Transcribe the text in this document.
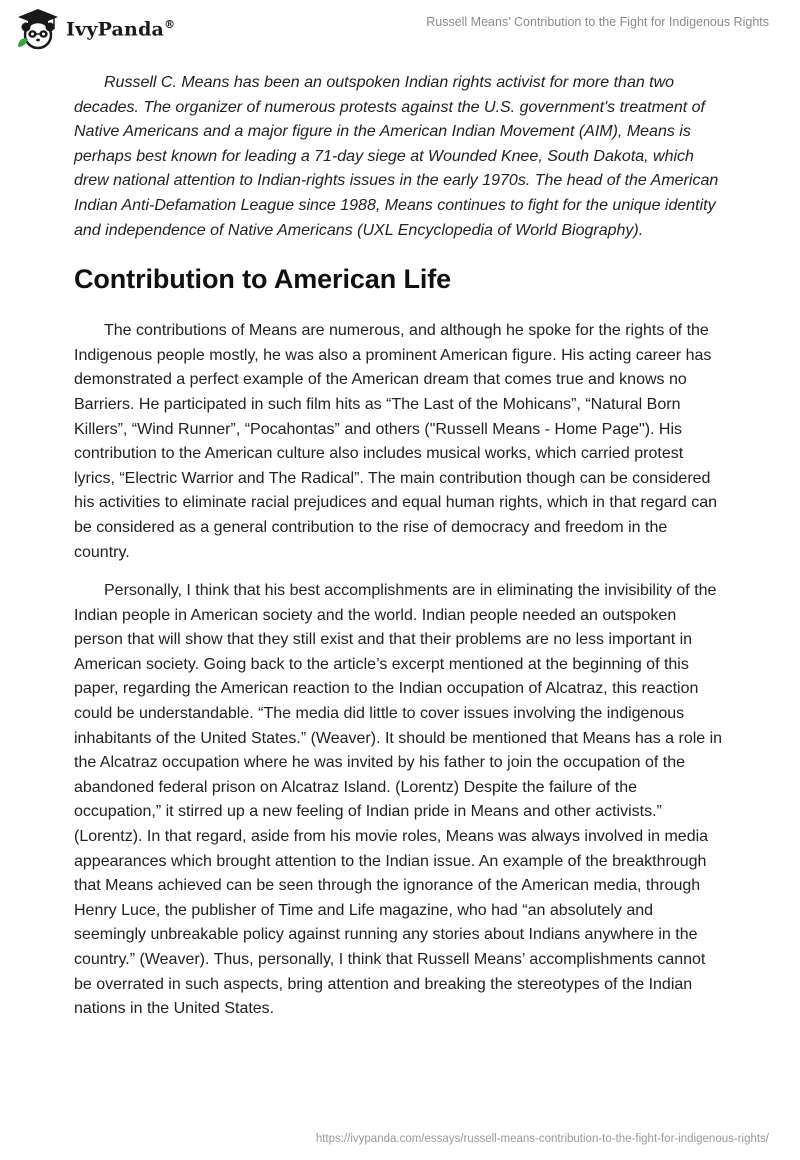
IvyPanda®	Russell Means’ Contribution to the Fight for Indigenous Rights

Russell C. Means has been an outspoken Indian rights activist for more than two decades. The organizer of numerous protests against the U.S. government's treatment of Native Americans and a major figure in the American Indian Movement (AIM), Means is perhaps best known for leading a 71-day siege at Wounded Knee, South Dakota, which drew national attention to Indian-rights issues in the early 1970s. The head of the American Indian Anti-Defamation League since 1988, Means continues to fight for the unique identity and independence of Native Americans (UXL Encyclopedia of World Biography).

Contribution to American Life

The contributions of Means are numerous, and although he spoke for the rights of the Indigenous people mostly, he was also a prominent American figure. His acting career has demonstrated a perfect example of the American dream that comes true and knows no Barriers. He participated in such film hits as “The Last of the Mohicans”, “Natural Born Killers”, “Wind Runner”, “Pocahontas” and others ("Russell Means - Home Page"). His contribution to the American culture also includes musical works, which carried protest lyrics, “Electric Warrior and The Radical”. The main contribution though can be considered his activities to eliminate racial prejudices and equal human rights, which in that regard can be considered as a general contribution to the rise of democracy and freedom in the country.

Personally, I think that his best accomplishments are in eliminating the invisibility of the Indian people in American society and the world. Indian people needed an outspoken person that will show that they still exist and that their problems are no less important in American society. Going back to the article’s excerpt mentioned at the beginning of this paper, regarding the American reaction to the Indian occupation of Alcatraz, this reaction could be understandable. “The media did little to cover issues involving the indigenous inhabitants of the United States.” (Weaver). It should be mentioned that Means has a role in the Alcatraz occupation where he was invited by his father to join the occupation of the abandoned federal prison on Alcatraz Island. (Lorentz) Despite the failure of the occupation,” it stirred up a new feeling of Indian pride in Means and other activists.” (Lorentz). In that regard, aside from his movie roles, Means was always involved in media appearances which brought attention to the Indian issue. An example of the breakthrough that Means achieved can be seen through the ignorance of the American media, through Henry Luce, the publisher of Time and Life magazine, who had “an absolutely and seemingly unbreakable policy against running any stories about Indians anywhere in the country.” (Weaver). Thus, personally, I think that Russell Means’ accomplishments cannot be overrated in such aspects, bring attention and breaking the stereotypes of the Indian nations in the United States.

https://ivypanda.com/essays/russell-means-contribution-to-the-fight-for-indigenous-rights/
